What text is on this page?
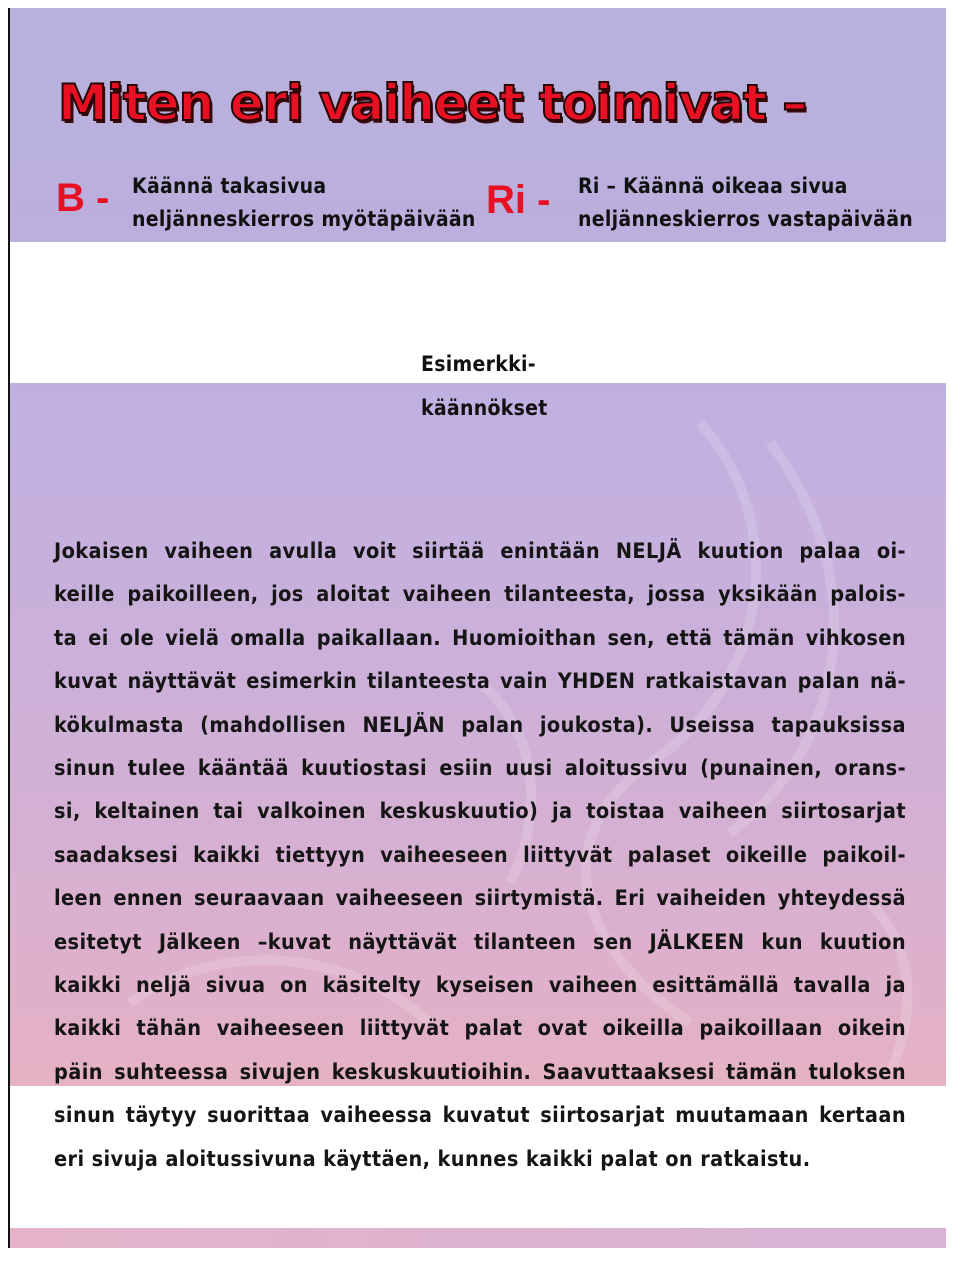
Miten eri vaiheet toimivat –
B - Käännä takasivua
neljänneskierros myötäpäivään Ri - Ri – Käännä oikeaa sivua
neljänneskierros vastapäivään
Esimerkki-
käännökset
Jokaisen vaiheen avulla voit siirtää enintään NELJÄ kuution palaa oi-
keille paikoilleen, jos aloitat vaiheen tilanteesta, jossa yksikään palois-
ta ei ole vielä omalla paikallaan. Huomioithan sen, että tämän vihkosen
kuvat näyttävät esimerkin tilanteesta vain YHDEN ratkaistavan palan nä-
kökulmasta (mahdollisen NELJÄN palan joukosta). Useissa tapauksissa
sinun tulee kääntää kuutiostasi esiin uusi aloitussivu (punainen, orans-
si, keltainen tai valkoinen keskuskuutio) ja toistaa vaiheen siirtosarjat
saadaksesi kaikki tiettyyn vaiheeseen liittyvät palaset oikeille paikoil-
leen ennen seuraavaan vaiheeseen siirtymistä. Eri vaiheiden yhteydessä
esitetyt Jälkeen –kuvat näyttävät tilanteen sen JÄLKEEN kun kuution
kaikki neljä sivua on käsitelty kyseisen vaiheen esittämällä tavalla ja
kaikki tähän vaiheeseen liittyvät palat ovat oikeilla paikoillaan oikein
päin suhteessa sivujen keskuskuutioihin. Saavuttaaksesi tämän tuloksen
sinun täytyy suorittaa vaiheessa kuvatut siirtosarjat muutamaan kertaan
eri sivuja aloitussivuna käyttäen, kunnes kaikki palat on ratkaistu.
